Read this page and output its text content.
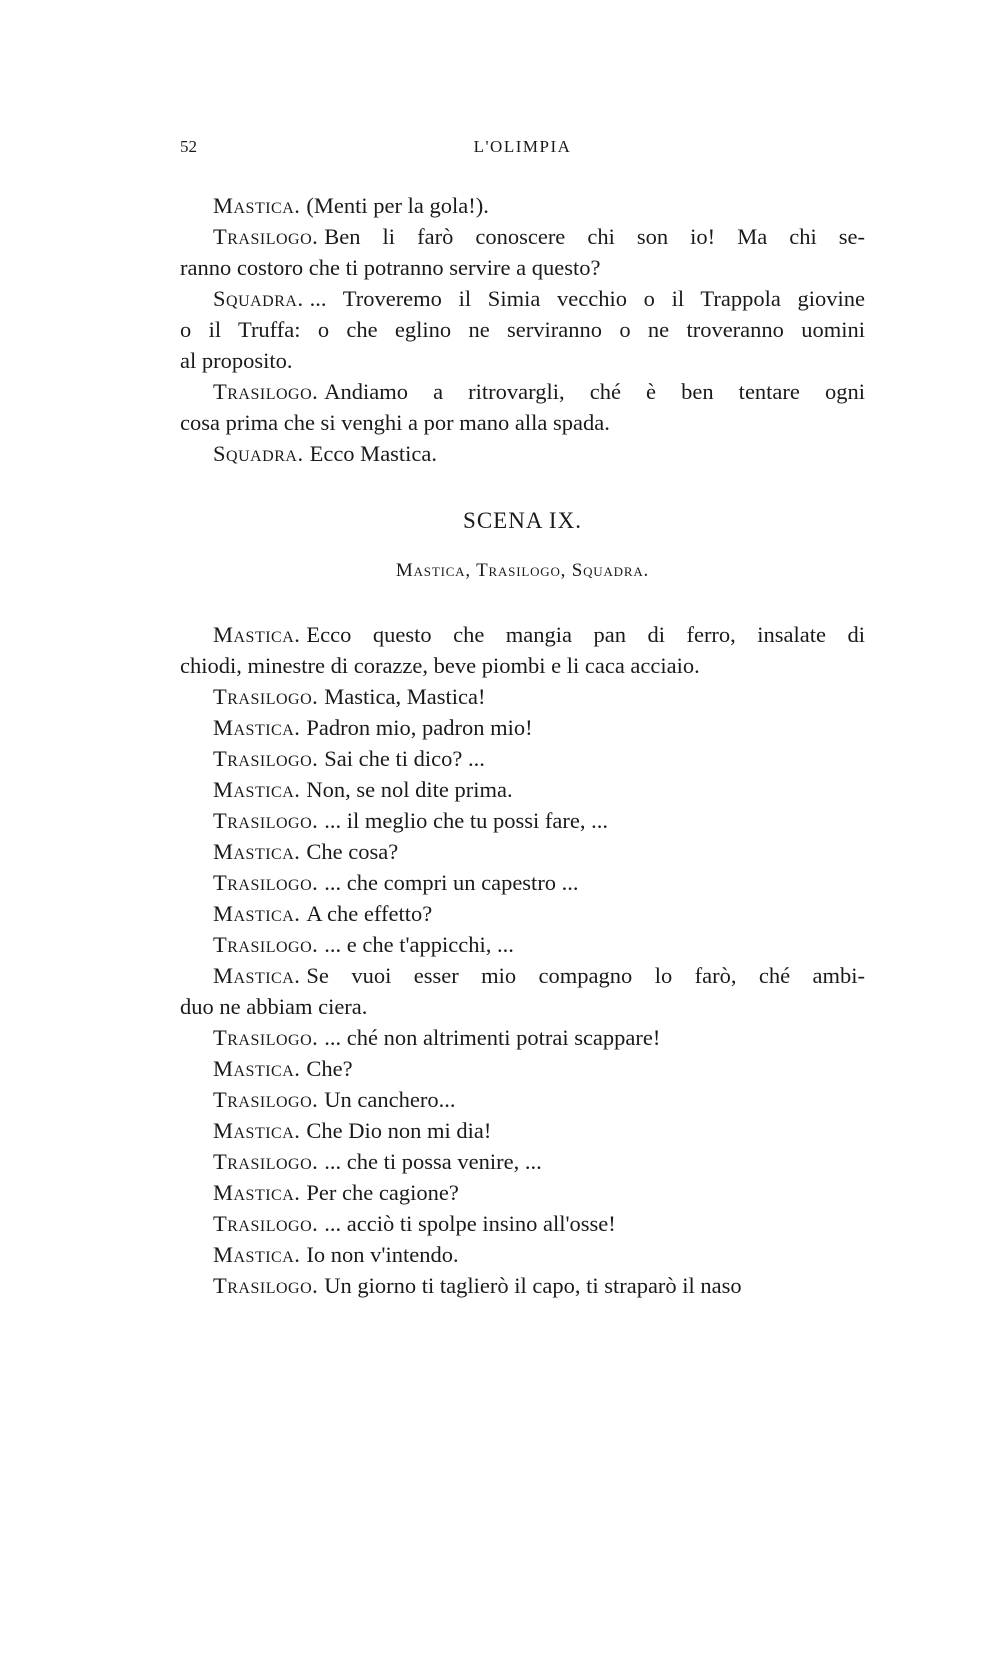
52	L'OLIMPIA
Mastica. (Menti per la gola!).
Trasilogo. Ben li farò conoscere chi son io! Ma chi se-
ranno costoro che ti potranno servire a questo?
Squadra. ... Troveremo il Simia vecchio o il Trappola giovine
o il Truffa: o che eglino ne serviranno o ne troveranno uomini
al proposito.
Trasilogo. Andiamo a ritrovargli, ché è ben tentare ogni
cosa prima che si venghi a por mano alla spada.
Squadra. Ecco Mastica.
SCENA IX.
Mastica, Trasilogo, Squadra.
Mastica. Ecco questo che mangia pan di ferro, insalate di
chiodi, minestre di corazze, beve piombi e li caca acciaio.
Trasilogo. Mastica, Mastica!
Mastica. Padron mio, padron mio!
Trasilogo. Sai che ti dico? ...
Mastica. Non, se nol dite prima.
Trasilogo. ... il meglio che tu possi fare, ...
Mastica. Che cosa?
Trasilogo. ... che compri un capestro ...
Mastica. A che effetto?
Trasilogo. ... e che t'appicchi, ...
Mastica. Se vuoi esser mio compagno lo farò, ché ambi-
duo ne abbiam ciera.
Trasilogo. ... ché non altrimenti potrai scappare!
Mastica. Che?
Trasilogo. Un canchero...
Mastica. Che Dio non mi dia!
Trasilogo. ... che ti possa venire, ...
Mastica. Per che cagione?
Trasilogo. ... acciò ti spolpe insino all'osse!
Mastica. Io non v'intendo.
Trasilogo. Un giorno ti taglierò il capo, ti straparò il naso
